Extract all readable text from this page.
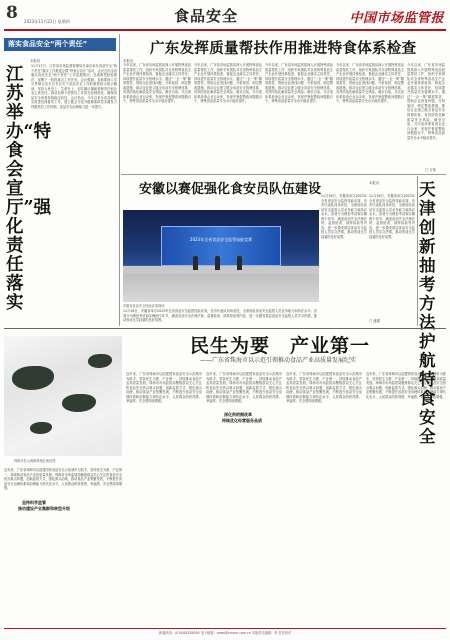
8 2023年11月23日 星期四	食品安全	中国市场监管报
落实食品安全“两个责任”
江苏举办“特食会宣厅”强化责任落实
本报讯
11月17日，江苏省市场监督管理局在南京举办食品安全“两个责任”落实工作推进会暨“特食会宣厅”活动，会议总结全省落实食品安全“两个责任”工作进展情况，交流典型经验做法，部署下一阶段重点工作任务。会议强调，各地要深入学习贯彻习近平总书记关于食品安全工作的重要指示批示精神，坚持人民至上、生命至上，切实履行属地管理责任和企业主体责任，推动包保干部督导工作常态化制度化，确保食品安全形势持续稳定向好。会议指出，今年以来全省各地扎实推进包保督导工作，建立健全分层分级精准防控末端发力终端见效工作机制，食品安全治理能力进一步提升。
广东发挥质量帮扶作用推进特食体系检查
本报讯
今年以来，广东省市场监管局深入开展特殊食品质量帮扶工作，组织专家团队对全省特殊食品生产企业开展体系检查，督促企业落实主体责任，持续提升质量安全管理水平。通过“一企一策”精准帮扶，帮助企业查找问题、分析原因、制定整改措施，推动企业建立健全食品安全管理体系，有效防范化解质量安全风险。截至目前，共完成体系检查企业百余家，发现并督促整改问题数百个，特殊食品质量安全水平稳步提升。
今年以来，广东省市场监管局深入开展特殊食品质量帮扶工作，组织专家团队对全省特殊食品生产企业开展体系检查，督促企业落实主体责任，持续提升质量安全管理水平。通过“一企一策”精准帮扶，帮助企业查找问题、分析原因、制定整改措施，推动企业建立健全食品安全管理体系，有效防范化解质量安全风险。截至目前，共完成体系检查企业百余家，发现并督促整改问题数百个，特殊食品质量安全水平稳步提升。
今年以来，广东省市场监管局深入开展特殊食品质量帮扶工作，组织专家团队对全省特殊食品生产企业开展体系检查，督促企业落实主体责任，持续提升质量安全管理水平。通过“一企一策”精准帮扶，帮助企业查找问题、分析原因、制定整改措施，推动企业建立健全食品安全管理体系，有效防范化解质量安全风险。截至目前，共完成体系检查企业百余家，发现并督促整改问题数百个，特殊食品质量安全水平稳步提升。
今年以来，广东省市场监管局深入开展特殊食品质量帮扶工作，组织专家团队对全省特殊食品生产企业开展体系检查，督促企业落实主体责任，持续提升质量安全管理水平。通过“一企一策”精准帮扶，帮助企业查找问题、分析原因、制定整改措施，推动企业建立健全食品安全管理体系，有效防范化解质量安全风险。截至目前，共完成体系检查企业百余家，发现并督促整改问题数百个，特殊食品质量安全水平稳步提升。
今年以来，广东省市场监管局深入开展特殊食品质量帮扶工作，组织专家团队对全省特殊食品生产企业开展体系检查，督促企业落实主体责任，持续提升质量安全管理水平。通过“一企一策”精准帮扶，帮助企业查找问题、分析原因、制定整改措施，推动企业建立健全食品安全管理体系，有效防范化解质量安全风险。截至目前，共完成体系检查企业百余家，发现并督促整改问题数百个，特殊食品质量安全水平稳步提升。
□ 方林
安徽以赛促强化食安员队伍建设
2023年全省食品安全监管技能竞赛
安徽省食品安全技能竞赛现场
11月16日，安徽省举办2023年全省食品安全监管技能竞赛，各市代表队同场竞技，全面检验食品安全监管人员业务能力和执法水平。竞赛分为理论考试和实操两个环节，涵盖食品安全法律法规、监督检查、抽样检验等内容，进一步激发基层食品安全监管人员学习热情，推动形成比学赶超的良好氛围。
11月16日，安徽省举办2023年全省食品安全监管技能竞赛，各市代表队同场竞技，全面检验食品安全监管人员业务能力和执法水平。竞赛分为理论考试和实操两个环节，涵盖食品安全法律法规、监督检查、抽样检验等内容，进一步激发基层食品安全监管人员学习热情，推动形成比学赶超的良好氛围。
11月16日，安徽省举办2023年全省食品安全监管技能竞赛，各市代表队同场竞技，全面检验食品安全监管人员业务能力和执法水平。竞赛分为理论考试和实操两个环节，涵盖食品安全法律法规、监督检查、抽样检验等内容，进一步激发基层食品安全监管人员学习热情，推动形成比学赶超的良好氛围。	□ 盛媛
天津创新抽考方法护航特食安全
本报讯
珠海市桂山海鲜养殖区航拍图
民生为要　产业第一
——广东省珠海市以示范引领推动食品产业高质量发展纪实
近年来，广东省珠海市以创建国家食品安全示范城市为抓手，坚持民生为要、产业第一，持续推动食品产业高质量发展。珠海市市场监管局聚焦群众关心关注的食品安全热点难点问题，创新监管方式，强化源头治理，推动食品产业集聚发展，不断提升食品安全治理体系和治理能力现代化水平，人民群众的获得感、幸福感、安全感持续增强。
坚持科学监管
推动建设产业集群和转型升级
近年来，广东省珠海市以创建国家食品安全示范城市为抓手，坚持民生为要、产业第一，持续推动食品产业高质量发展。珠海市市场监管局聚焦群众关心关注的食品安全热点难点问题，创新监管方式，强化源头治理，推动食品产业集聚发展，不断提升食品安全治理体系和治理能力现代化水平，人民群众的获得感、幸福感、安全感持续增强。
近年来，广东省珠海市以创建国家食品安全示范城市为抓手，坚持民生为要、产业第一，持续推动食品产业高质量发展。珠海市市场监管局聚焦群众关心关注的食品安全热点难点问题，创新监管方式，强化源头治理，推动食品产业集聚发展，不断提升食品安全治理体系和治理能力现代化水平，人民群众的获得感、幸福感、安全感持续增强。
近年来，广东省珠海市以创建国家食品安全示范城市为抓手，坚持民生为要、产业第一，持续推动食品产业高质量发展。珠海市市场监管局聚焦群众关心关注的食品安全热点难点问题，创新监管方式，强化源头治理，推动食品产业集聚发展，不断提升食品安全治理体系和治理能力现代化水平，人民群众的获得感、幸福感、安全感持续增强。
近年来，广东省珠海市以创建国家食品安全示范城市为抓手，坚持民生为要、产业第一，持续推动食品产业高质量发展。珠海市市场监管局聚焦群众关心关注的食品安全热点难点问题，创新监管方式，强化源头治理，推动食品产业集聚发展，不断提升食品安全治理体系和治理能力现代化水平，人民群众的获得感、幸福感、安全感持续增强。
深化供给侧改革
持续优化经营服务品质
新闻热线：(010)64258000 电子邮箱：news@cmrnn.com.cn 本版责任编辑：李 责任校对
